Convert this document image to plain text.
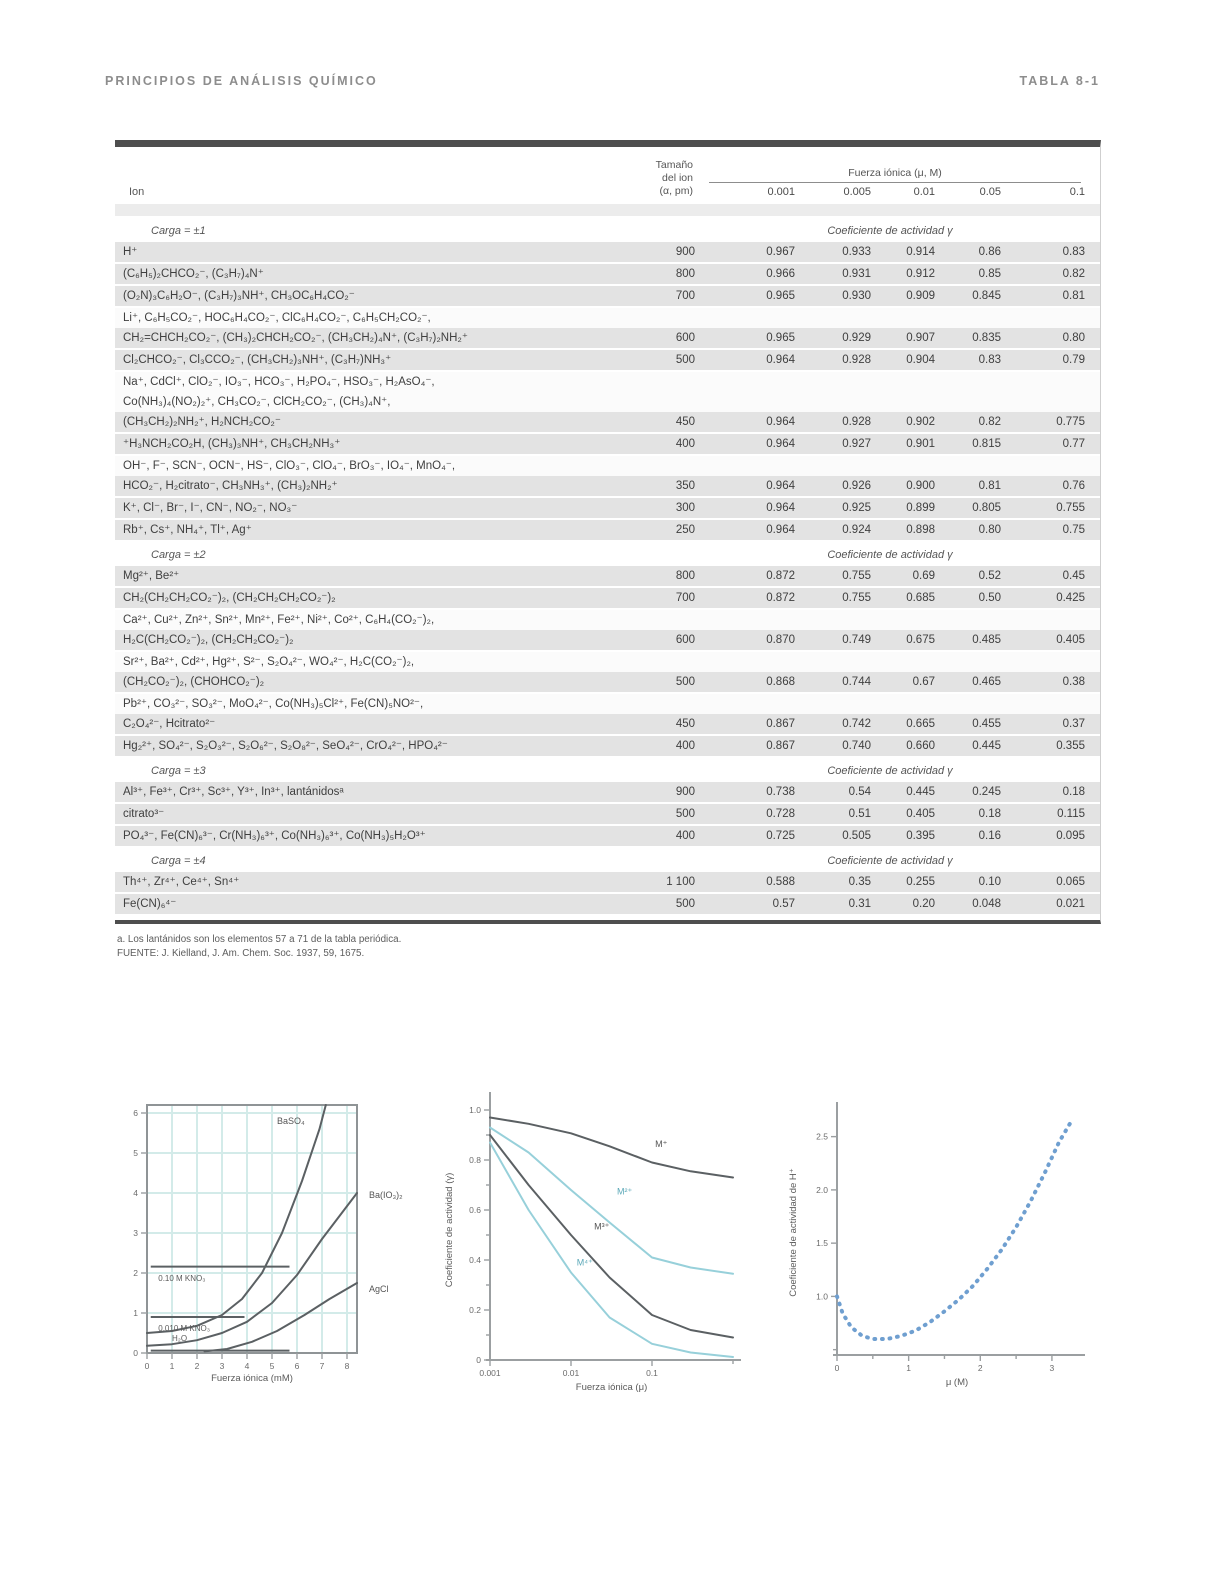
PRINCIPIOS DE ANÁLISIS QUÍMICO	TABLA 8-1
Ion
Tamaño
del ion
(α, pm)
Fuerza iónica (μ, M)
0.001	0.005	0.01	0.05	0.1
Carga = ±1	Coeficiente de actividad γ
H⁺	900	0.967	0.933	0.914	0.86	0.83
(C₆H₅)₂CHCO₂⁻, (C₃H₇)₄N⁺	800	0.966	0.931	0.912	0.85	0.82
(O₂N)₃C₆H₂O⁻, (C₃H₇)₃NH⁺, CH₃OC₆H₄CO₂⁻	700	0.965	0.930	0.909	0.845	0.81
Li⁺, C₆H₅CO₂⁻, HOC₆H₄CO₂⁻, ClC₆H₄CO₂⁻, C₆H₅CH₂CO₂⁻,
CH₂=CHCH₂CO₂⁻, (CH₃)₂CHCH₂CO₂⁻, (CH₃CH₂)₄N⁺, (C₃H₇)₂NH₂⁺	600	0.965	0.929	0.907	0.835	0.80
Cl₂CHCO₂⁻, Cl₃CCO₂⁻, (CH₃CH₂)₃NH⁺, (C₃H₇)NH₃⁺	500	0.964	0.928	0.904	0.83	0.79
Na⁺, CdCl⁺, ClO₂⁻, IO₃⁻, HCO₃⁻, H₂PO₄⁻, HSO₃⁻, H₂AsO₄⁻,
Co(NH₃)₄(NO₂)₂⁺, CH₃CO₂⁻, ClCH₂CO₂⁻, (CH₃)₄N⁺,
(CH₃CH₂)₂NH₂⁺, H₂NCH₂CO₂⁻	450	0.964	0.928	0.902	0.82	0.775
⁺H₃NCH₂CO₂H, (CH₃)₃NH⁺, CH₃CH₂NH₃⁺	400	0.964	0.927	0.901	0.815	0.77
OH⁻, F⁻, SCN⁻, OCN⁻, HS⁻, ClO₃⁻, ClO₄⁻, BrO₃⁻, IO₄⁻, MnO₄⁻,
HCO₂⁻, H₂citrato⁻, CH₃NH₃⁺, (CH₃)₂NH₂⁺	350	0.964	0.926	0.900	0.81	0.76
K⁺, Cl⁻, Br⁻, I⁻, CN⁻, NO₂⁻, NO₃⁻	300	0.964	0.925	0.899	0.805	0.755
Rb⁺, Cs⁺, NH₄⁺, Tl⁺, Ag⁺	250	0.964	0.924	0.898	0.80	0.75
Carga = ±2	Coeficiente de actividad γ
Mg²⁺, Be²⁺	800	0.872	0.755	0.69	0.52	0.45
CH₂(CH₂CH₂CO₂⁻)₂, (CH₂CH₂CH₂CO₂⁻)₂	700	0.872	0.755	0.685	0.50	0.425
Ca²⁺, Cu²⁺, Zn²⁺, Sn²⁺, Mn²⁺, Fe²⁺, Ni²⁺, Co²⁺, C₆H₄(CO₂⁻)₂,
H₂C(CH₂CO₂⁻)₂, (CH₂CH₂CO₂⁻)₂	600	0.870	0.749	0.675	0.485	0.405
Sr²⁺, Ba²⁺, Cd²⁺, Hg²⁺, S²⁻, S₂O₄²⁻, WO₄²⁻, H₂C(CO₂⁻)₂,
(CH₂CO₂⁻)₂, (CHOHCO₂⁻)₂	500	0.868	0.744	0.67	0.465	0.38
Pb²⁺, CO₃²⁻, SO₃²⁻, MoO₄²⁻, Co(NH₃)₅Cl²⁺, Fe(CN)₅NO²⁻,
C₂O₄²⁻, Hcitrato²⁻	450	0.867	0.742	0.665	0.455	0.37
Hg₂²⁺, SO₄²⁻, S₂O₃²⁻, S₂O₆²⁻, S₂O₈²⁻, SeO₄²⁻, CrO₄²⁻, HPO₄²⁻	400	0.867	0.740	0.660	0.445	0.355
Carga = ±3	Coeficiente de actividad γ
Al³⁺, Fe³⁺, Cr³⁺, Sc³⁺, Y³⁺, In³⁺, lantánidosᵃ	900	0.738	0.54	0.445	0.245	0.18
citrato³⁻	500	0.728	0.51	0.405	0.18	0.115
PO₄³⁻, Fe(CN)₆³⁻, Cr(NH₃)₆³⁺, Co(NH₃)₆³⁺, Co(NH₃)₅H₂O³⁺	400	0.725	0.505	0.395	0.16	0.095
Carga = ±4	Coeficiente de actividad γ
Th⁴⁺, Zr⁴⁺, Ce⁴⁺, Sn⁴⁺	1 100	0.588	0.35	0.255	0.10	0.065
Fe(CN)₆⁴⁻	500	0.57	0.31	0.20	0.048	0.021
a. Los lantánidos son los elementos 57 a 71 de la tabla periódica.
FUENTE: J. Kielland, J. Am. Chem. Soc. 1937, 59, 1675.
0 1 2 3 4 5 6 7 8
0
1
2
3
4
5
6
BaSO₄
Ba(IO₃)₂
AgCl
0.10 M KNO₃
0.010 M KNO₃
H₂O
Fuerza iónica (mM)	0.001	0.01	0.1
0
0.2
0.4
0.6
0.8
1.0
M⁺
M²⁺
M³⁺
M⁴⁺
Fuerza iónica (μ)
Coeficiente de actividad (γ)
0	1	2	3
1.0
1.5
2.0
2.5
μ (M)
Coeficiente de actividad de H⁺
